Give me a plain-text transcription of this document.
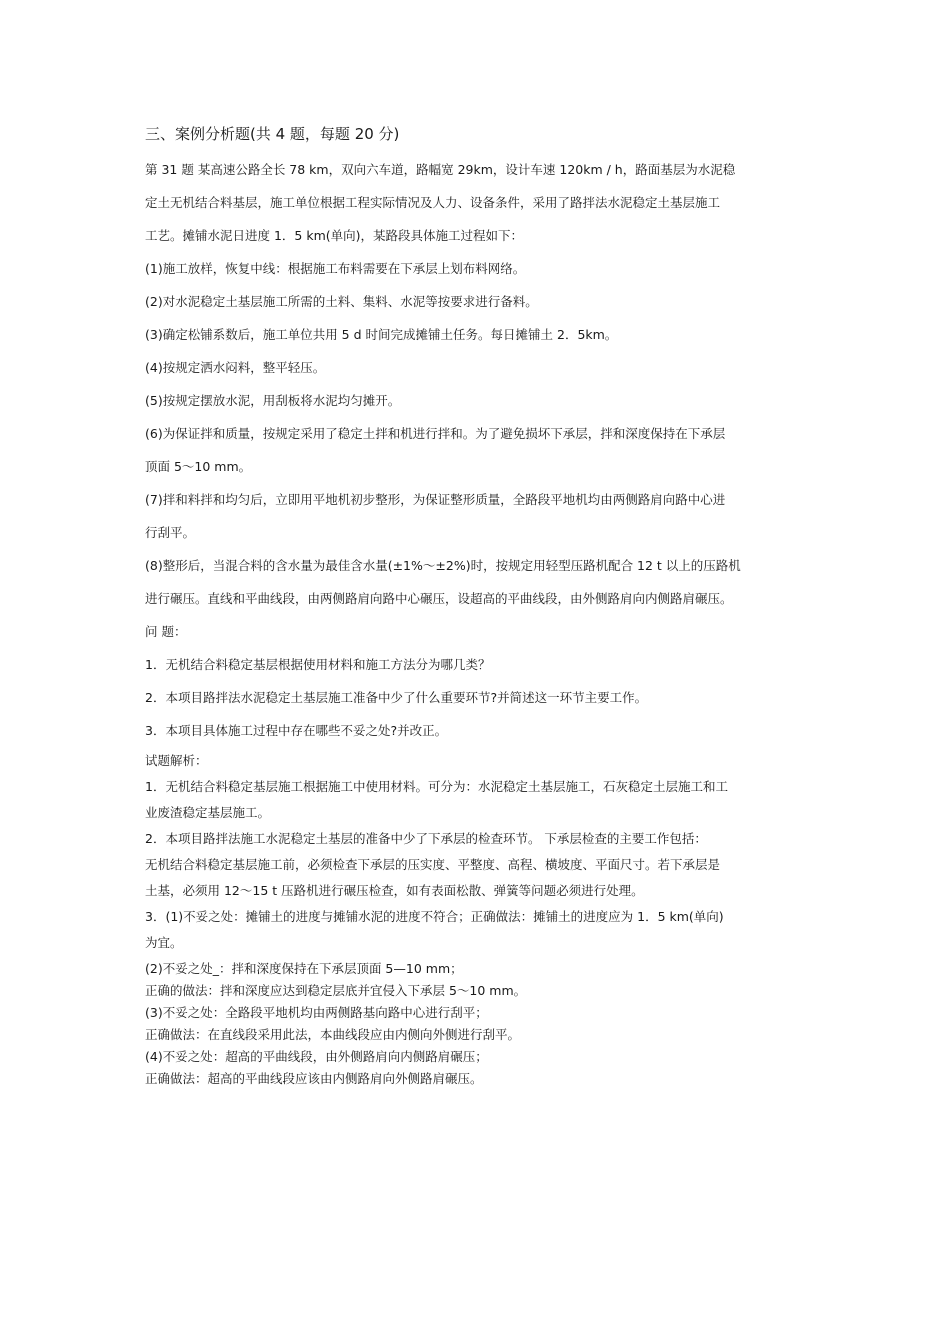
三、案例分析题(共 4 题，每题 20 分)
第 31 题 某高速公路全长 78 km，双向六车道，路幅宽 29km，设计车速 120km / h，路面基层为水泥稳
定土无机结合料基层，施工单位根据工程实际情况及人力、设备条件，采用了路拌法水泥稳定土基层施工
工艺。摊铺水泥日进度 1．5 km(单向)，某路段具体施工过程如下：
(1)施工放样，恢复中线：根据施工布料需要在下承层上划布料网络。
(2)对水泥稳定土基层施工所需的土料、集料、水泥等按要求进行备料。
(3)确定松铺系数后，施工单位共用 5 d 时间完成摊铺土任务。每日摊铺土 2．5km。
(4)按规定洒水闷料，整平轻压。
(5)按规定摆放水泥，用刮板将水泥均匀摊开。
(6)为保证拌和质量，按规定采用了稳定土拌和机进行拌和。为了避免损坏下承层，拌和深度保持在下承层
顶面 5～10 mm。
(7)拌和料拌和均匀后，立即用平地机初步整形，为保证整形质量，全路段平地机均由两侧路肩向路中心进
行刮平。
(8)整形后，当混合料的含水量为最佳含水量(±1%～±2%)时，按规定用轻型压路机配合 12 t 以上的压路机
进行碾压。直线和平曲线段，由两侧路肩向路中心碾压，设超高的平曲线段，由外侧路肩向内侧路肩碾压。
问 题：
1．无机结合料稳定基层根据使用材料和施工方法分为哪几类？
2．本项目路拌法水泥稳定土基层施工准备中少了什么重要环节?并简述这一环节主要工作。
3．本项目具体施工过程中存在哪些不妥之处?并改正。
试题解析：
1．无机结合料稳定基层施工根据施工中使用材料。可分为：水泥稳定土基层施工，石灰稳定土层施工和工
业废渣稳定基层施工。
2．本项目路拌法施工水泥稳定土基层的准备中少了下承层的检查环节。 下承层检查的主要工作包括：
无机结合料稳定基层施工前，必须检查下承层的压实度、平整度、高程、横坡度、平面尺寸。若下承层是
土基，必须用 12～15 t 压路机进行碾压检查，如有表面松散、弹簧等问题必须进行处理。
3．(1)不妥之处：摊铺土的进度与摊铺水泥的进度不符合；正确做法：摊铺土的进度应为 1．5 km(单向)
为宜。
(2)不妥之处_：拌和深度保持在下承层顶面 5—10 mm；
正确的做法：拌和深度应达到稳定层底并宜侵入下承层 5～10 mm。
(3)不妥之处：全路段平地机均由两侧路基向路中心进行刮平；
正确做法：在直线段采用此法，本曲线段应由内侧向外侧进行刮平。
(4)不妥之处：超高的平曲线段，由外侧路肩向内侧路肩碾压；
正确做法：超高的平曲线段应该由内侧路肩向外侧路肩碾压。
